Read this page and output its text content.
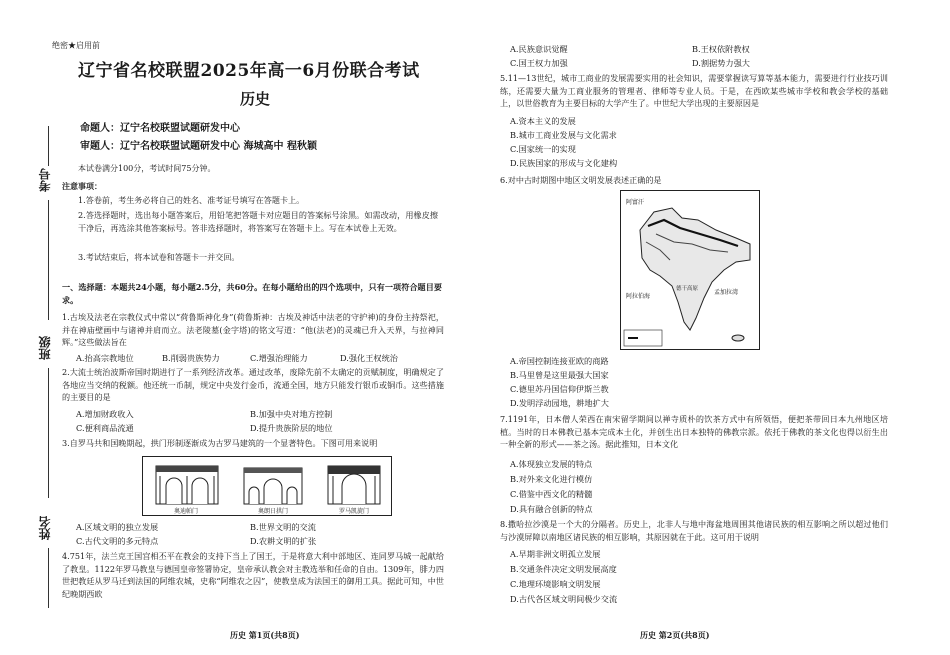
绝密★启用前
辽宁省名校联盟2025年高一6月份联合考试
历史
命题人：辽宁名校联盟试题研发中心
审题人：辽宁名校联盟试题研发中心 海城高中 程秋颖
考号
班级
姓名
本试卷满分100分，考试时间75分钟。
注意事项：
1.答卷前，考生务必将自己的姓名、准考证号填写在答题卡上。
2.答选择题时，选出每小题答案后，用铅笔把答题卡对应题目的答案标号涂黑。如需改动，用橡皮擦干净后，再选涂其他答案标号。答非选择题时，将答案写在答题卡上。写在本试卷上无效。
3.考试结束后，将本试卷和答题卡一并交回。
一、选择题：本题共24小题，每小题2.5分，共60分。在每小题给出的四个选项中，只有一项符合题目要求。
1.古埃及法老在宗教仪式中常以“荷鲁斯神化身”(荷鲁斯神：古埃及神话中法老的守护神)的身份主持祭祀，并在神庙壁画中与诸神并肩而立。法老陵墓(金字塔)的铭文写道：“他(法老)的灵魂已升入天界，与拉神同辉。”这些做法旨在
A.抬高宗教地位	B.削弱贵族势力	C.增强治理能力	D.强化王权统治
2.大流士统治波斯帝国时期进行了一系列经济改革。通过改革，废除先前不太确定的贡赋制度，明确规定了各地应当交纳的税额。他还统一币制，规定中央发行金币，流通全国，地方只能发行银币或铜币。这些措施的主要目的是
A.增加财政收入	B.加强中央对地方控制
C.便利商品流通	D.提升贵族阶层的地位
3.自罗马共和国晚期起，拱门形制逐渐成为古罗马建筑的一个显著特色。下图可用来说明
奥迪帕门	奥朗日拱门	罗马凯旋门
A.区域文明的独立发展	B.世界文明的交流
C.古代文明的多元特点	D.农耕文明的扩张
4.751年，法兰克王国宫相丕平在教会的支持下当上了国王，于是将意大利中部地区、连同罗马城一起献给了教皇。1122年罗马教皇与德国皇帝签署协定，皇帝承认教会对主教选举和任命的自由。1309年，腓力四世把教廷从罗马迁到法国的阿维农城，史称“阿维农之囚”，使教皇成为法国王的御用工具。据此可知，中世纪晚期西欧
历史 第1页(共8页)
A.民族意识觉醒	B.王权依附教权
C.国王权力加强	D.割据势力强大
5.11—13世纪，城市工商业的发展需要实用的社会知识，需要掌握读写算等基本能力，需要进行行业技巧训练，还需要大量为工商业服务的管理者、律师等专业人员。于是，在西欧某些城市学校和教会学校的基础上，以世俗教育为主要目标的大学产生了。中世纪大学出现的主要原因是
A.资本主义的发展
B.城市工商业发展与文化需求
C.国家统一的实现
D.民族国家的形成与文化建构
6.对中古时期图中地区文明发展表述正确的是
阿富汗
阿拉伯海
孟加拉湾
德干高原
A.帝国控制连接亚欧的商路
B.马里曾是这里最强大国家
C.德里苏丹国信仰伊斯兰教
D.发明浮动园地，耕地扩大
7.1191年，日本僧人荣西在南宋留学期间以禅寺质朴的饮茶方式中有所领悟，便把茶带回日本九州地区培植。当时的日本佛教已基本完成本土化，并创生出日本独特的佛教宗派。依托于佛教的茶文化也得以衍生出一种全新的形式——茶之汤。据此推知，日本文化
A.体现独立发展的特点
B.对外来文化进行模仿
C.借鉴中西文化的精髓
D.具有融合创新的特点
8.撒哈拉沙漠是一个大的分隔者。历史上，北非人与地中海盆地周围其他诸民族的相互影响之所以超过他们与沙漠屏障以南地区诸民族的相互影响，其原因就在于此。这可用于说明
A.早期非洲文明孤立发展
B.交通条件决定文明发展高度
C.地理环境影响文明发展
D.古代各区域文明间极少交流
历史 第2页(共8页)
